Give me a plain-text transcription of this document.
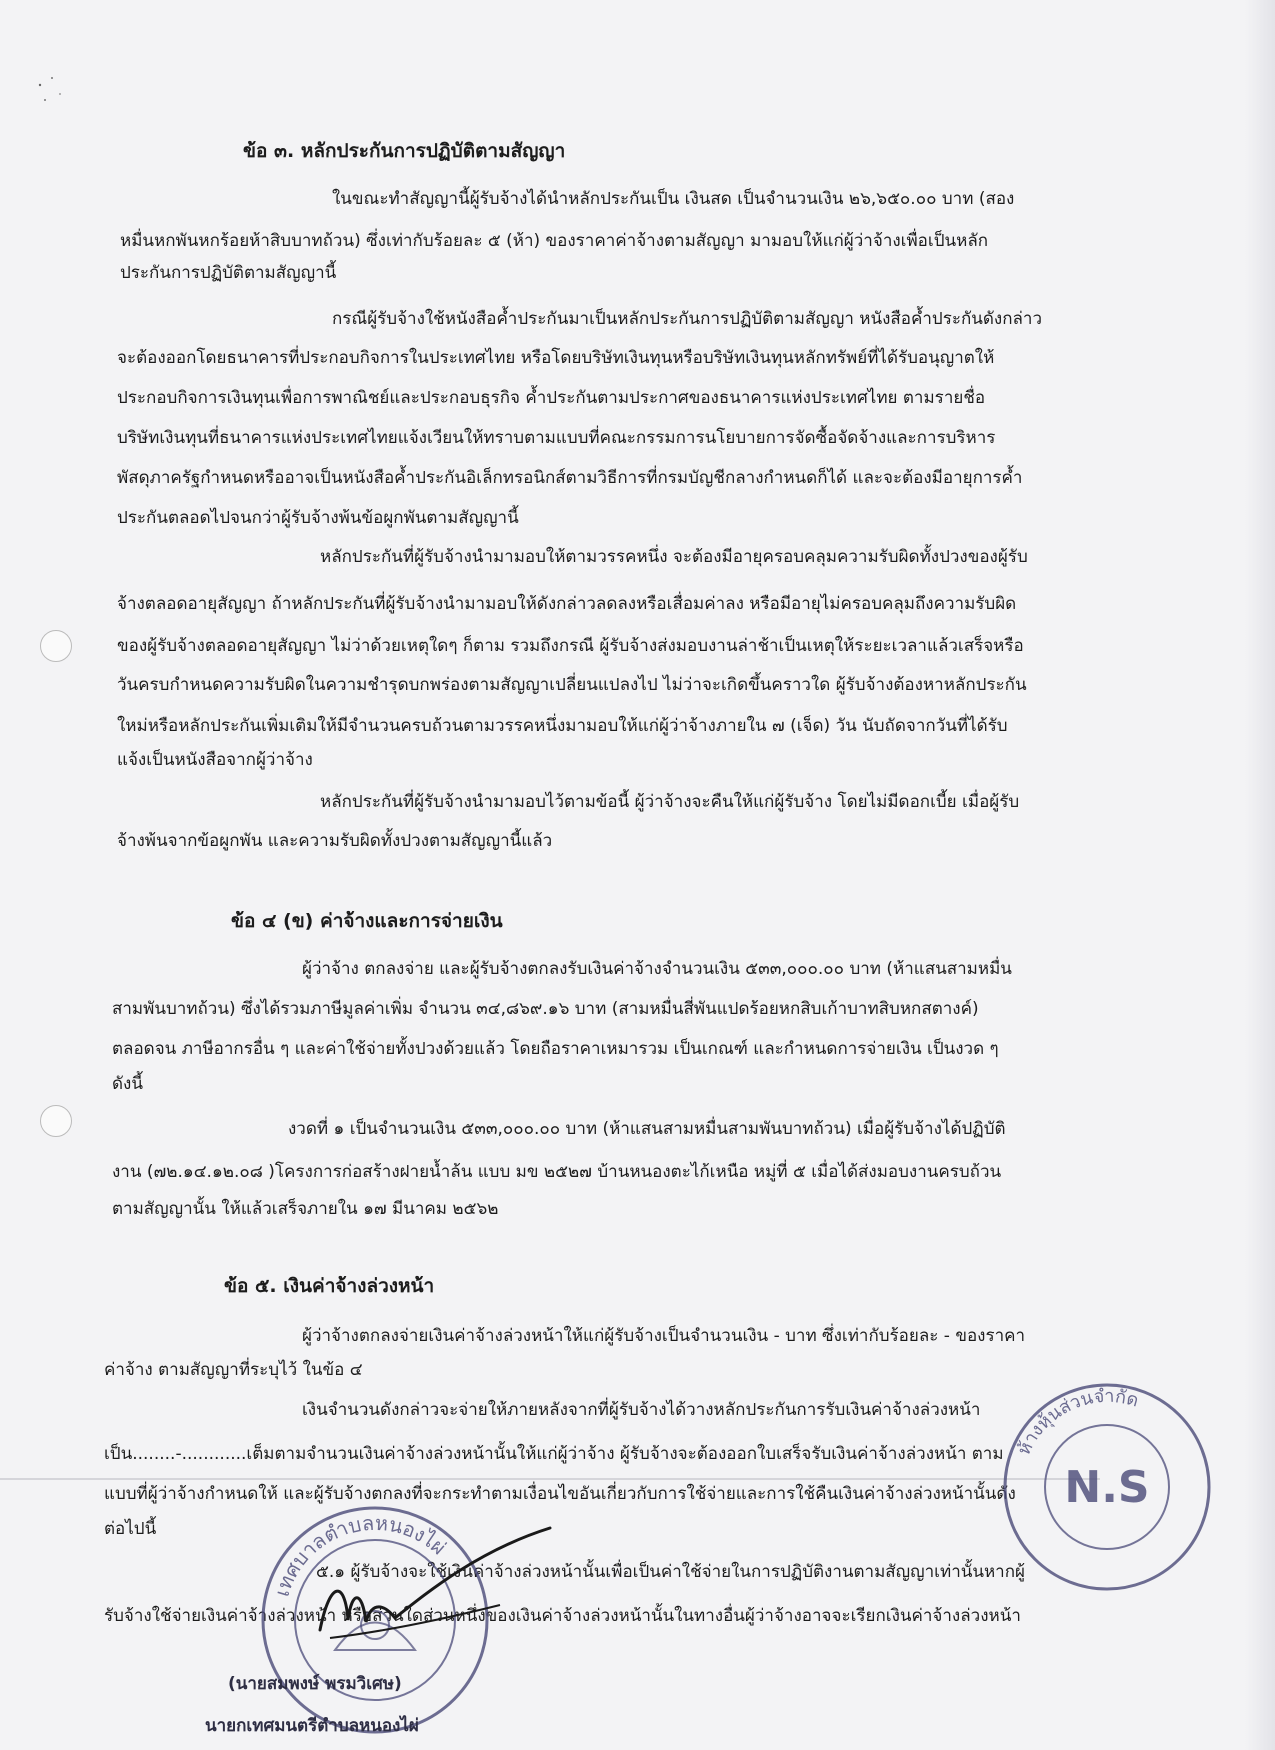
ข้อ ๓. หลักประกันการปฏิบัติตามสัญญา
ในขณะทำสัญญานี้ผู้รับจ้างได้นำหลักประกันเป็น เงินสด เป็นจำนวนเงิน ๒๖,๖๕๐.๐๐ บาท (สอง
หมื่นหกพันหกร้อยห้าสิบบาทถ้วน) ซึ่งเท่ากับร้อยละ ๕ (ห้า) ของราคาค่าจ้างตามสัญญา มามอบให้แก่ผู้ว่าจ้างเพื่อเป็นหลัก
ประกันการปฏิบัติตามสัญญานี้
กรณีผู้รับจ้างใช้หนังสือค้ำประกันมาเป็นหลักประกันการปฏิบัติตามสัญญา หนังสือค้ำประกันดังกล่าว
จะต้องออกโดยธนาคารที่ประกอบกิจการในประเทศไทย หรือโดยบริษัทเงินทุนหรือบริษัทเงินทุนหลักทรัพย์ที่ได้รับอนุญาตให้
ประกอบกิจการเงินทุนเพื่อการพาณิชย์และประกอบธุรกิจ ค้ำประกันตามประกาศของธนาคารแห่งประเทศไทย ตามรายชื่อ
บริษัทเงินทุนที่ธนาคารแห่งประเทศไทยแจ้งเวียนให้ทราบตามแบบที่คณะกรรมการนโยบายการจัดซื้อจัดจ้างและการบริหาร
พัสดุภาครัฐกำหนดหรืออาจเป็นหนังสือค้ำประกันอิเล็กทรอนิกส์ตามวิธีการที่กรมบัญชีกลางกำหนดก็ได้ และจะต้องมีอายุการค้ำ
ประกันตลอดไปจนกว่าผู้รับจ้างพ้นข้อผูกพันตามสัญญานี้
หลักประกันที่ผู้รับจ้างนำมามอบให้ตามวรรคหนึ่ง จะต้องมีอายุครอบคลุมความรับผิดทั้งปวงของผู้รับ
จ้างตลอดอายุสัญญา ถ้าหลักประกันที่ผู้รับจ้างนำมามอบให้ดังกล่าวลดลงหรือเสื่อมค่าลง หรือมีอายุไม่ครอบคลุมถึงความรับผิด
ของผู้รับจ้างตลอดอายุสัญญา ไม่ว่าด้วยเหตุใดๆ ก็ตาม รวมถึงกรณี ผู้รับจ้างส่งมอบงานล่าช้าเป็นเหตุให้ระยะเวลาแล้วเสร็จหรือ
วันครบกำหนดความรับผิดในความชำรุดบกพร่องตามสัญญาเปลี่ยนแปลงไป ไม่ว่าจะเกิดขึ้นคราวใด ผู้รับจ้างต้องหาหลักประกัน
ใหม่หรือหลักประกันเพิ่มเติมให้มีจำนวนครบถ้วนตามวรรคหนึ่งมามอบให้แก่ผู้ว่าจ้างภายใน ๗ (เจ็ด) วัน นับถัดจากวันที่ได้รับ
แจ้งเป็นหนังสือจากผู้ว่าจ้าง
หลักประกันที่ผู้รับจ้างนำมามอบไว้ตามข้อนี้ ผู้ว่าจ้างจะคืนให้แก่ผู้รับจ้าง โดยไม่มีดอกเบี้ย เมื่อผู้รับ
จ้างพ้นจากข้อผูกพัน และความรับผิดทั้งปวงตามสัญญานี้แล้ว
ข้อ ๔ (ข) ค่าจ้างและการจ่ายเงิน
ผู้ว่าจ้าง ตกลงจ่าย และผู้รับจ้างตกลงรับเงินค่าจ้างจำนวนเงิน ๕๓๓,๐๐๐.๐๐ บาท (ห้าแสนสามหมื่น
สามพันบาทถ้วน) ซึ่งได้รวมภาษีมูลค่าเพิ่ม จำนวน ๓๔,๘๖๙.๑๖ บาท (สามหมื่นสี่พันแปดร้อยหกสิบเก้าบาทสิบหกสตางค์)
ตลอดจน ภาษีอากรอื่น ๆ และค่าใช้จ่ายทั้งปวงด้วยแล้ว โดยถือราคาเหมารวม เป็นเกณฑ์ และกำหนดการจ่ายเงิน เป็นงวด ๆ
ดังนี้
งวดที่ ๑ เป็นจำนวนเงิน ๕๓๓,๐๐๐.๐๐ บาท (ห้าแสนสามหมื่นสามพันบาทถ้วน) เมื่อผู้รับจ้างได้ปฏิบัติ
งาน (๗๒.๑๔.๑๒.๐๘ )โครงการก่อสร้างฝายน้ำล้น แบบ มข ๒๕๒๗ บ้านหนองตะไก้เหนือ หมู่ที่ ๕ เมื่อได้ส่งมอบงานครบถ้วน
ตามสัญญานั้น ให้แล้วเสร็จภายใน ๑๗ มีนาคม ๒๕๖๒
ข้อ ๕. เงินค่าจ้างล่วงหน้า
ผู้ว่าจ้างตกลงจ่ายเงินค่าจ้างล่วงหน้าให้แก่ผู้รับจ้างเป็นจำนวนเงิน - บาท ซึ่งเท่ากับร้อยละ - ของราคา
ค่าจ้าง ตามสัญญาที่ระบุไว้ ในข้อ ๔
เงินจำนวนดังกล่าวจะจ่ายให้ภายหลังจากที่ผู้รับจ้างได้วางหลักประกันการรับเงินค่าจ้างล่วงหน้า
เป็น........-............เต็มตามจำนวนเงินค่าจ้างล่วงหน้านั้นให้แก่ผู้ว่าจ้าง ผู้รับจ้างจะต้องออกใบเสร็จรับเงินค่าจ้างล่วงหน้า ตาม
แบบที่ผู้ว่าจ้างกำหนดให้ และผู้รับจ้างตกลงที่จะกระทำตามเงื่อนไขอันเกี่ยวกับการใช้จ่ายและการใช้คืนเงินค่าจ้างล่วงหน้านั้นดัง
ต่อไปนี้
๕.๑ ผู้รับจ้างจะใช้เงินค่าจ้างล่วงหน้านั้นเพื่อเป็นค่าใช้จ่ายในการปฏิบัติงานตามสัญญาเท่านั้นหากผู้
รับจ้างใช้จ่ายเงินค่าจ้างล่วงหน้า หรือส่วนใดส่วนหนึ่งของเงินค่าจ้างล่วงหน้านั้นในทางอื่นผู้ว่าจ้างอาจจะเรียกเงินค่าจ้างล่วงหน้า
เทศบาลตำบลหนองไผ่
ห้างหุ้นส่วนจำกัด
N.S
(นายสมพงษ์ พรมวิเศษ)
นายกเทศมนตรีตำบลหนองไผ่
